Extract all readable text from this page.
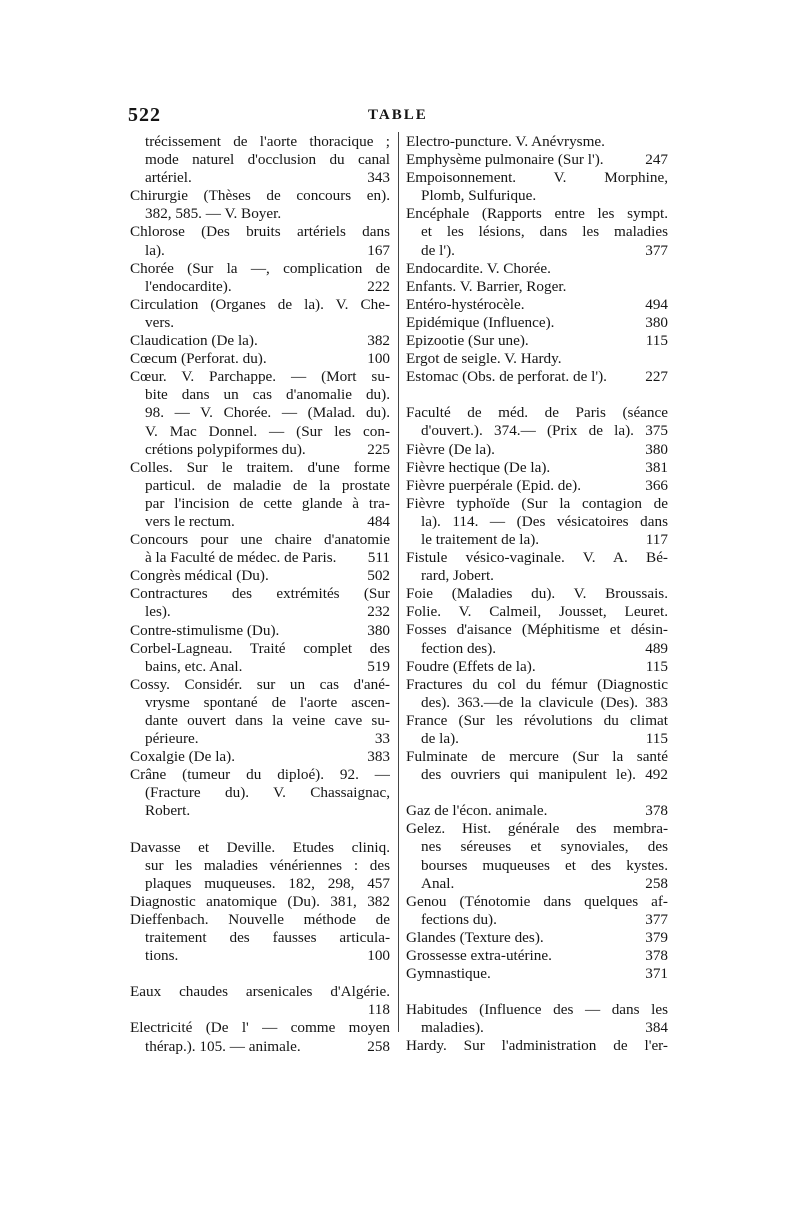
522	TABLE
trécissement de l'aorte thoracique ;
mode naturel d'occlusion du canal
artériel.	343
Chirurgie (Thèses de concours en).
382, 585. — V. Boyer.
Chlorose (Des bruits artériels dans
la).	167
Chorée (Sur la —, complication de
l'endocardite).	222
Circulation (Organes de la). V. Che-
vers.
Claudication (De la).	382
Cœcum (Perforat. du).	100
Cœur. V. Parchappe. — (Mort su-
bite dans un cas d'anomalie du).
98. — V. Chorée. — (Malad. du).
V. Mac Donnel. — (Sur les con-
crétions polypiformes du).	225
Colles. Sur le traitem. d'une forme
particul. de maladie de la prostate
par l'incision de cette glande à tra-
vers le rectum.	484
Concours pour une chaire d'anatomie
à la Faculté de médec. de Paris.	511
Congrès médical (Du).	502
Contractures des extrémités (Sur
les).	232
Contre-stimulisme (Du).	380
Corbel-Lagneau. Traité complet des
bains, etc. Anal.	519
Cossy. Considér. sur un cas d'ané-
vrysme spontané de l'aorte ascen-
dante ouvert dans la veine cave su-
périeure.	33
Coxalgie (De la).	383
Crâne (tumeur du diploé). 92. —
(Fracture du). V. Chassaignac,
Robert.
Davasse et Deville. Etudes cliniq.
sur les maladies vénériennes : des
plaques muqueuses. 182, 298, 457
Diagnostic anatomique (Du). 381, 382
Dieffenbach. Nouvelle méthode de
traitement des fausses articula-
tions.	100
Eaux chaudes arsenicales d'Algérie.
118
Electricité (De l' — comme moyen
thérap.). 105. — animale.	258
Electro-puncture. V. Anévrysme.
Emphysème pulmonaire (Sur l').	247
Empoisonnement. V. Morphine,
Plomb, Sulfurique.
Encéphale (Rapports entre les sympt.
et les lésions, dans les maladies
de l').	377
Endocardite. V. Chorée.
Enfants. V. Barrier, Roger.
Entéro-hystérocèle.	494
Epidémique (Influence).	380
Epizootie (Sur une).	115
Ergot de seigle. V. Hardy.
Estomac (Obs. de perforat. de l').	227
Faculté de méd. de Paris (séance
d'ouvert.). 374.— (Prix de la). 375
Fièvre (De la).	380
Fièvre hectique (De la).	381
Fièvre puerpérale (Epid. de).	366
Fièvre typhoïde (Sur la contagion de
la). 114. — (Des vésicatoires dans
le traitement de la).	117
Fistule vésico-vaginale. V. A. Bé-
rard, Jobert.
Foie (Maladies du). V. Broussais.
Folie. V. Calmeil, Jousset, Leuret.
Fosses d'aisance (Méphitisme et désin-
fection des).	489
Foudre (Effets de la).	115
Fractures du col du fémur (Diagnostic
des). 363.—de la clavicule (Des). 383
France (Sur les révolutions du climat
de la).	115
Fulminate de mercure (Sur la santé
des ouvriers qui manipulent le). 492
Gaz de l'écon. animale.	378
Gelez. Hist. générale des membra-
nes séreuses et synoviales, des
bourses muqueuses et des kystes.
Anal.	258
Genou (Ténotomie dans quelques af-
fections du).	377
Glandes (Texture des).	379
Grossesse extra-utérine.	378
Gymnastique.	371
Habitudes (Influence des — dans les
maladies).	384
Hardy. Sur l'administration de l'er-
